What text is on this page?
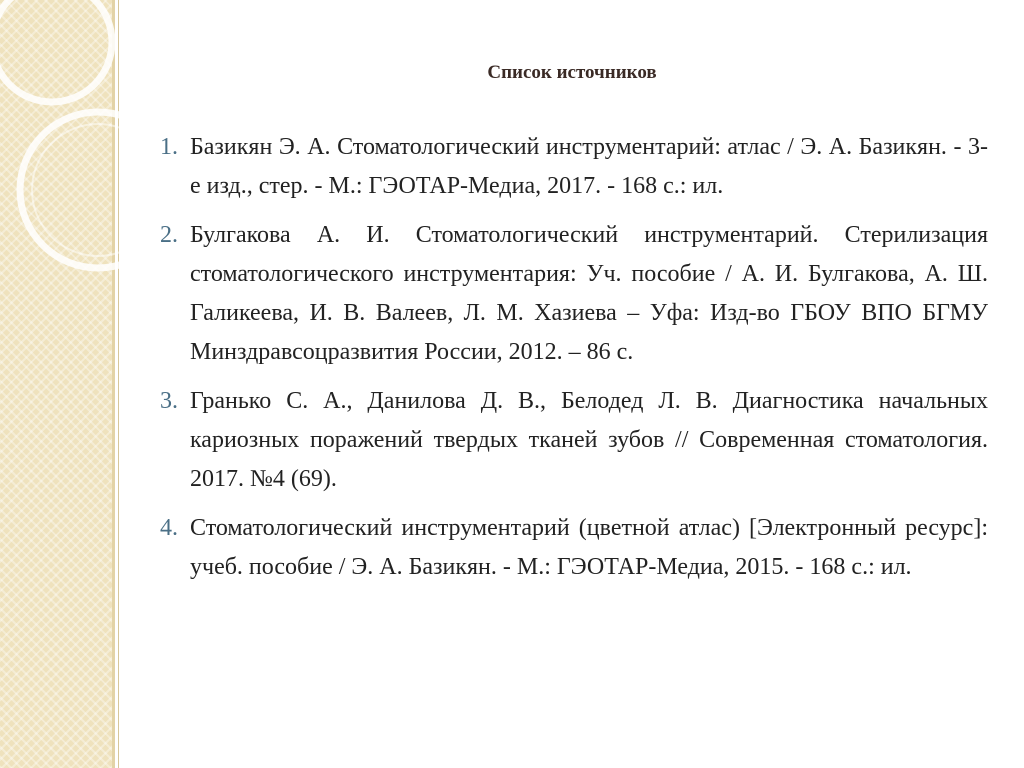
Список источников
1. Базикян Э. А. Стоматологический инструментарий: атлас / Э. А. Базикян. - 3-е изд., стер. - М.: ГЭОТАР-Медиа, 2017. - 168 с.: ил.
2. Булгакова А. И. Стоматологический инструментарий. Стерилизация стоматологического инструментария: Уч. пособие / А. И. Булгакова, А. Ш. Галикеева, И. В. Валеев, Л. М. Хазиева – Уфа: Изд-во ГБОУ ВПО БГМУ Минздравсоцразвития России, 2012. – 86 с.
3. Гранько С. А., Данилова Д. В., Белодед Л. В. Диагностика начальных кариозных поражений твердых тканей зубов // Современная стоматология. 2017. №4 (69).
4. Стоматологический инструментарий (цветной атлас) [Электронный ресурс]: учеб. пособие / Э. А. Базикян. - М.: ГЭОТАР-Медиа, 2015. - 168 с.: ил.
